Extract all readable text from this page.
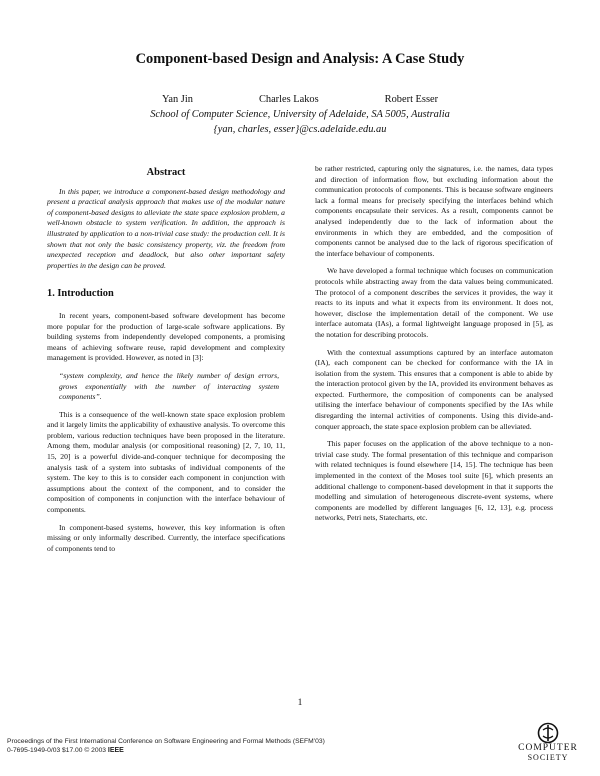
Component-based Design and Analysis: A Case Study
Yan Jin	Charles Lakos	Robert Esser
School of Computer Science, University of Adelaide, SA 5005, Australia
{yan, charles, esser}@cs.adelaide.edu.au
Abstract

In this paper, we introduce a component-based design methodology and present a practical analysis approach that makes use of the modular nature of component-based designs to alleviate the state space explosion problem, a well-known obstacle to system verification. In addition, the approach is illustrated by application to a non-trivial case study: the production cell. It is shown that not only the basic consistency property, viz. the freedom from unexpected reception and deadlock, but also other important safety properties in the design can be proved.

1. Introduction

In recent years, component-based software development has become more popular for the production of large-scale software applications. By building systems from independently developed components, a promising means of achieving software reuse, rapid development and complexity management is provided. However, as noted in [3]:

“system complexity, and hence the likely number of design errors, grows exponentially with the number of interacting system components”.

This is a consequence of the well-known state space explosion problem and it largely limits the applicability of exhaustive analysis. To overcome this problem, various reduction techniques have been proposed in the literature. Among them, modular analysis (or compositional reasoning) [2, 7, 10, 11, 15, 20] is a powerful divide-and-conquer technique for decomposing the analysis task of a system into subtasks of individual components of the system. The key to this is to consider each component in conjunction with assumptions about the context of the component, and to consider the composition of components in conjunction with the interface behaviour of components.

In component-based systems, however, this key information is often missing or only informally described. Currently, the interface specifications of components tend to

be rather restricted, capturing only the signatures, i.e. the names, data types and direction of information flow, but excluding information about the communication protocols of components. This is because software engineers lack a formal means for precisely specifying the interfaces behind which components encapsulate their services. As a result, components cannot be analysed independently due to the lack of information about the environments in which they are embedded, and the composition of components cannot be analysed due to the lack of rigorous specification of the interface behaviour of components.

We have developed a formal technique which focuses on communication protocols while abstracting away from the data values being communicated. The protocol of a component describes the services it provides, the way it reacts to its inputs and what it expects from its environment. It does not, however, disclose the implementation detail of the component. We use interface automata (IAs), a formal lightweight language proposed in [5], as the notation for describing protocols.

With the contextual assumptions captured by an interface automaton (IA), each component can be checked for conformance with the IA in isolation from the system. This ensures that a component is able to abide by the interaction protocol given by the IA, provided its environment behaves as expected. Furthermore, the composition of components can be analysed utilising the interface behaviour of components specified by the IAs while disregarding the internal activities of components. Using this divide-and-conquer approach, the state space explosion problem can be alleviated.

This paper focuses on the application of the above technique to a non-trivial case study. The formal presentation of this technique and comparison with related techniques is found elsewhere [14, 15]. The technique has been implemented in the context of the Moses tool suite [6], which presents an additional challenge to component-based development in that it supports the modelling and simulation of heterogeneous discrete-event systems, where components are modelled by different languages [6, 12, 13], e.g. process networks, Petri nets, Statecharts, etc.

1
Proceedings of the First International Conference on Software Engineering and Formal Methods (SEFM’03)
0-7695-1949-0/03 $17.00 © 2003 IEEE	COMPUTER
SOCIETY
